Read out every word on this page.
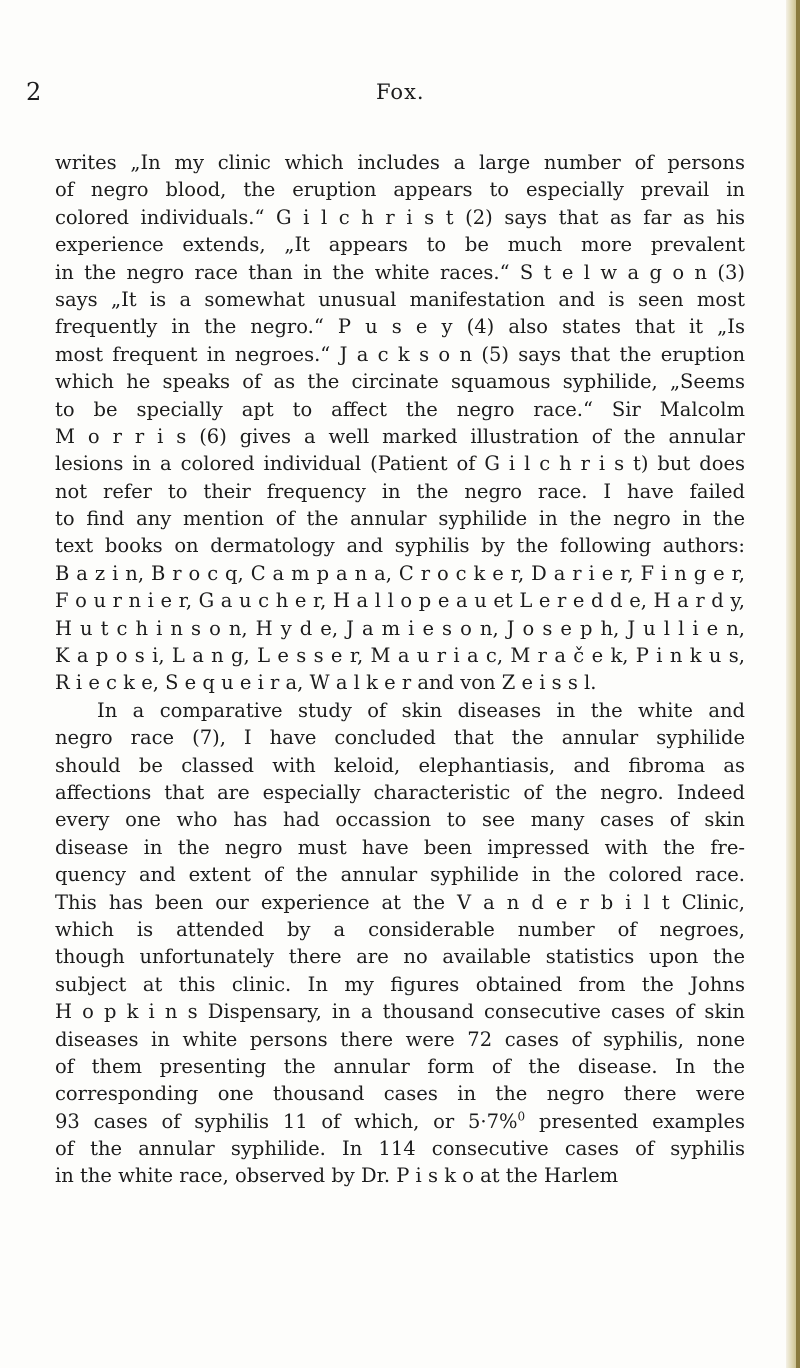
2	Fox.
writes „In my clinic which includes a large number of persons
of negro blood, the eruption appears to especially prevail in
colored individuals.“ G i l c h r i s t (2) says that as far as his
experience extends, „It appears to be much more prevalent
in the negro race than in the white races.“ S t e l w a g o n (3)
says „It is a somewhat unusual manifestation and is seen most
frequently in the negro.“ P u s e y (4) also states that it „Is
most frequent in negroes.“ J a c k s o n (5) says that the eruption
which he speaks of as the circinate squamous syphilide, „Seems
to be specially apt to affect the negro race.“ Sir Malcolm
M o r r i s (6) gives a well marked illustration of the annular
lesions in a colored individual (Patient of G i l c h r i s t) but does
not refer to their frequency in the negro race. I have failed
to find any mention of the annular syphilide in the negro in the
text books on dermatology and syphilis by the following authors:
B a z i n, B r o c q, C a m p a n a, C r o c k e r, D a r i e r, F i n g e r,
F o u r n i e r, G a u c h e r, H a l l o p e a u et L e r e d d e, H a r d y,
H u t c h i n s o n, H y d e, J a m i e s o n, J o s e p h, J u l l i e n,
K a p o s i, L a n g, L e s s e r, M a u r i a c, M r a č e k, P i n k u s,
R i e c k e, S e q u e i r a, W a l k e r and von Z e i s s l.
In a comparative study of skin diseases in the white and
negro race (7), I have concluded that the annular syphilide
should be classed with keloid, elephantiasis, and fibroma as
affections that are especially characteristic of the negro. Indeed
every one who has had occassion to see many cases of skin
disease in the negro must have been impressed with the fre-
quency and extent of the annular syphilide in the colored race.
This has been our experience at the V a n d e r b i l t Clinic,
which is attended by a considerable number of negroes,
though unfortunately there are no available statistics upon the
subject at this clinic. In my figures obtained from the Johns
H o p k i n s Dispensary, in a thousand consecutive cases of skin
diseases in white persons there were 72 cases of syphilis, none
of them presenting the annular form of the disease. In the
corresponding one thousand cases in the negro there were
93 cases of syphilis 11 of which, or 5·7%$^0$ presented examples
of the annular syphilide. In 114 consecutive cases of syphilis
in the white race, observed by Dr. P i s k o at the Harlem
